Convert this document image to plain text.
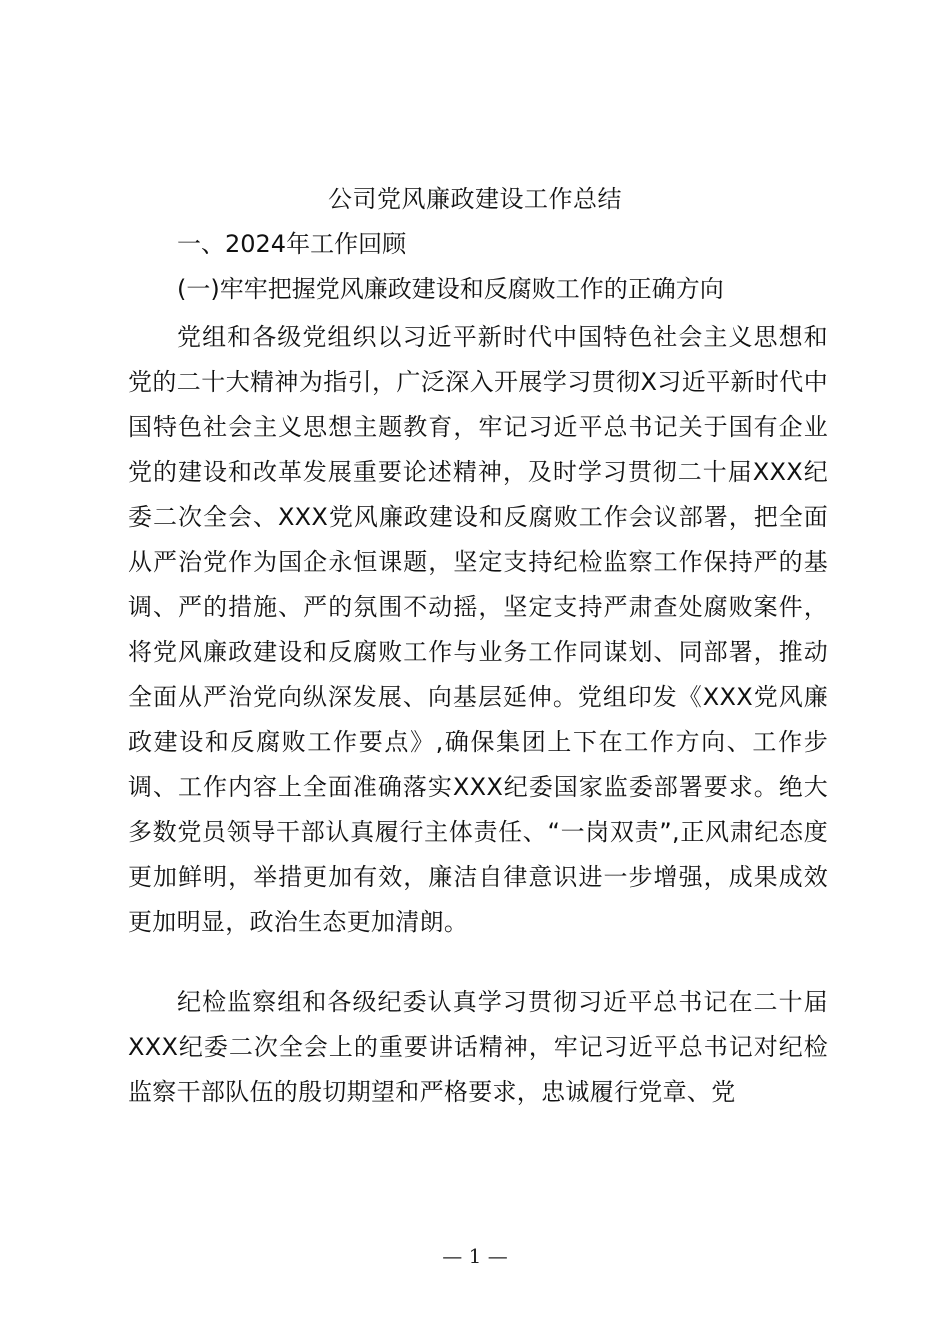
公司党风廉政建设工作总结
一、2024年工作回顾
(一)牢牢把握党风廉政建设和反腐败工作的正确方向
党组和各级党组织以习近平新时代中国特色社会主义思想和党的二十大精神为指引，广泛深入开展学习贯彻X习近平新时代中国特色社会主义思想主题教育，牢记习近平总书记关于国有企业党的建设和改革发展重要论述精神，及时学习贯彻二十届XXX纪委二次全会、XXX党风廉政建设和反腐败工作会议部署，把全面从严治党作为国企永恒课题，坚定支持纪检监察工作保持严的基调、严的措施、严的氛围不动摇，坚定支持严肃查处腐败案件，将党风廉政建设和反腐败工作与业务工作同谋划、同部署，推动全面从严治党向纵深发展、向基层延伸。党组印发《XXX党风廉政建设和反腐败工作要点》,确保集团上下在工作方向、工作步调、工作内容上全面准确落实XXX纪委国家监委部署要求。绝大多数党员领导干部认真履行主体责任、“一岗双责”,正风肃纪态度更加鲜明，举措更加有效，廉洁自律意识进一步增强，成果成效更加明显，政治生态更加清朗。
纪检监察组和各级纪委认真学习贯彻习近平总书记在二十届XXX纪委二次全会上的重要讲话精神，牢记习近平总书记对纪检监察干部队伍的殷切期望和严格要求，忠诚履行党章、党
— 1 —
